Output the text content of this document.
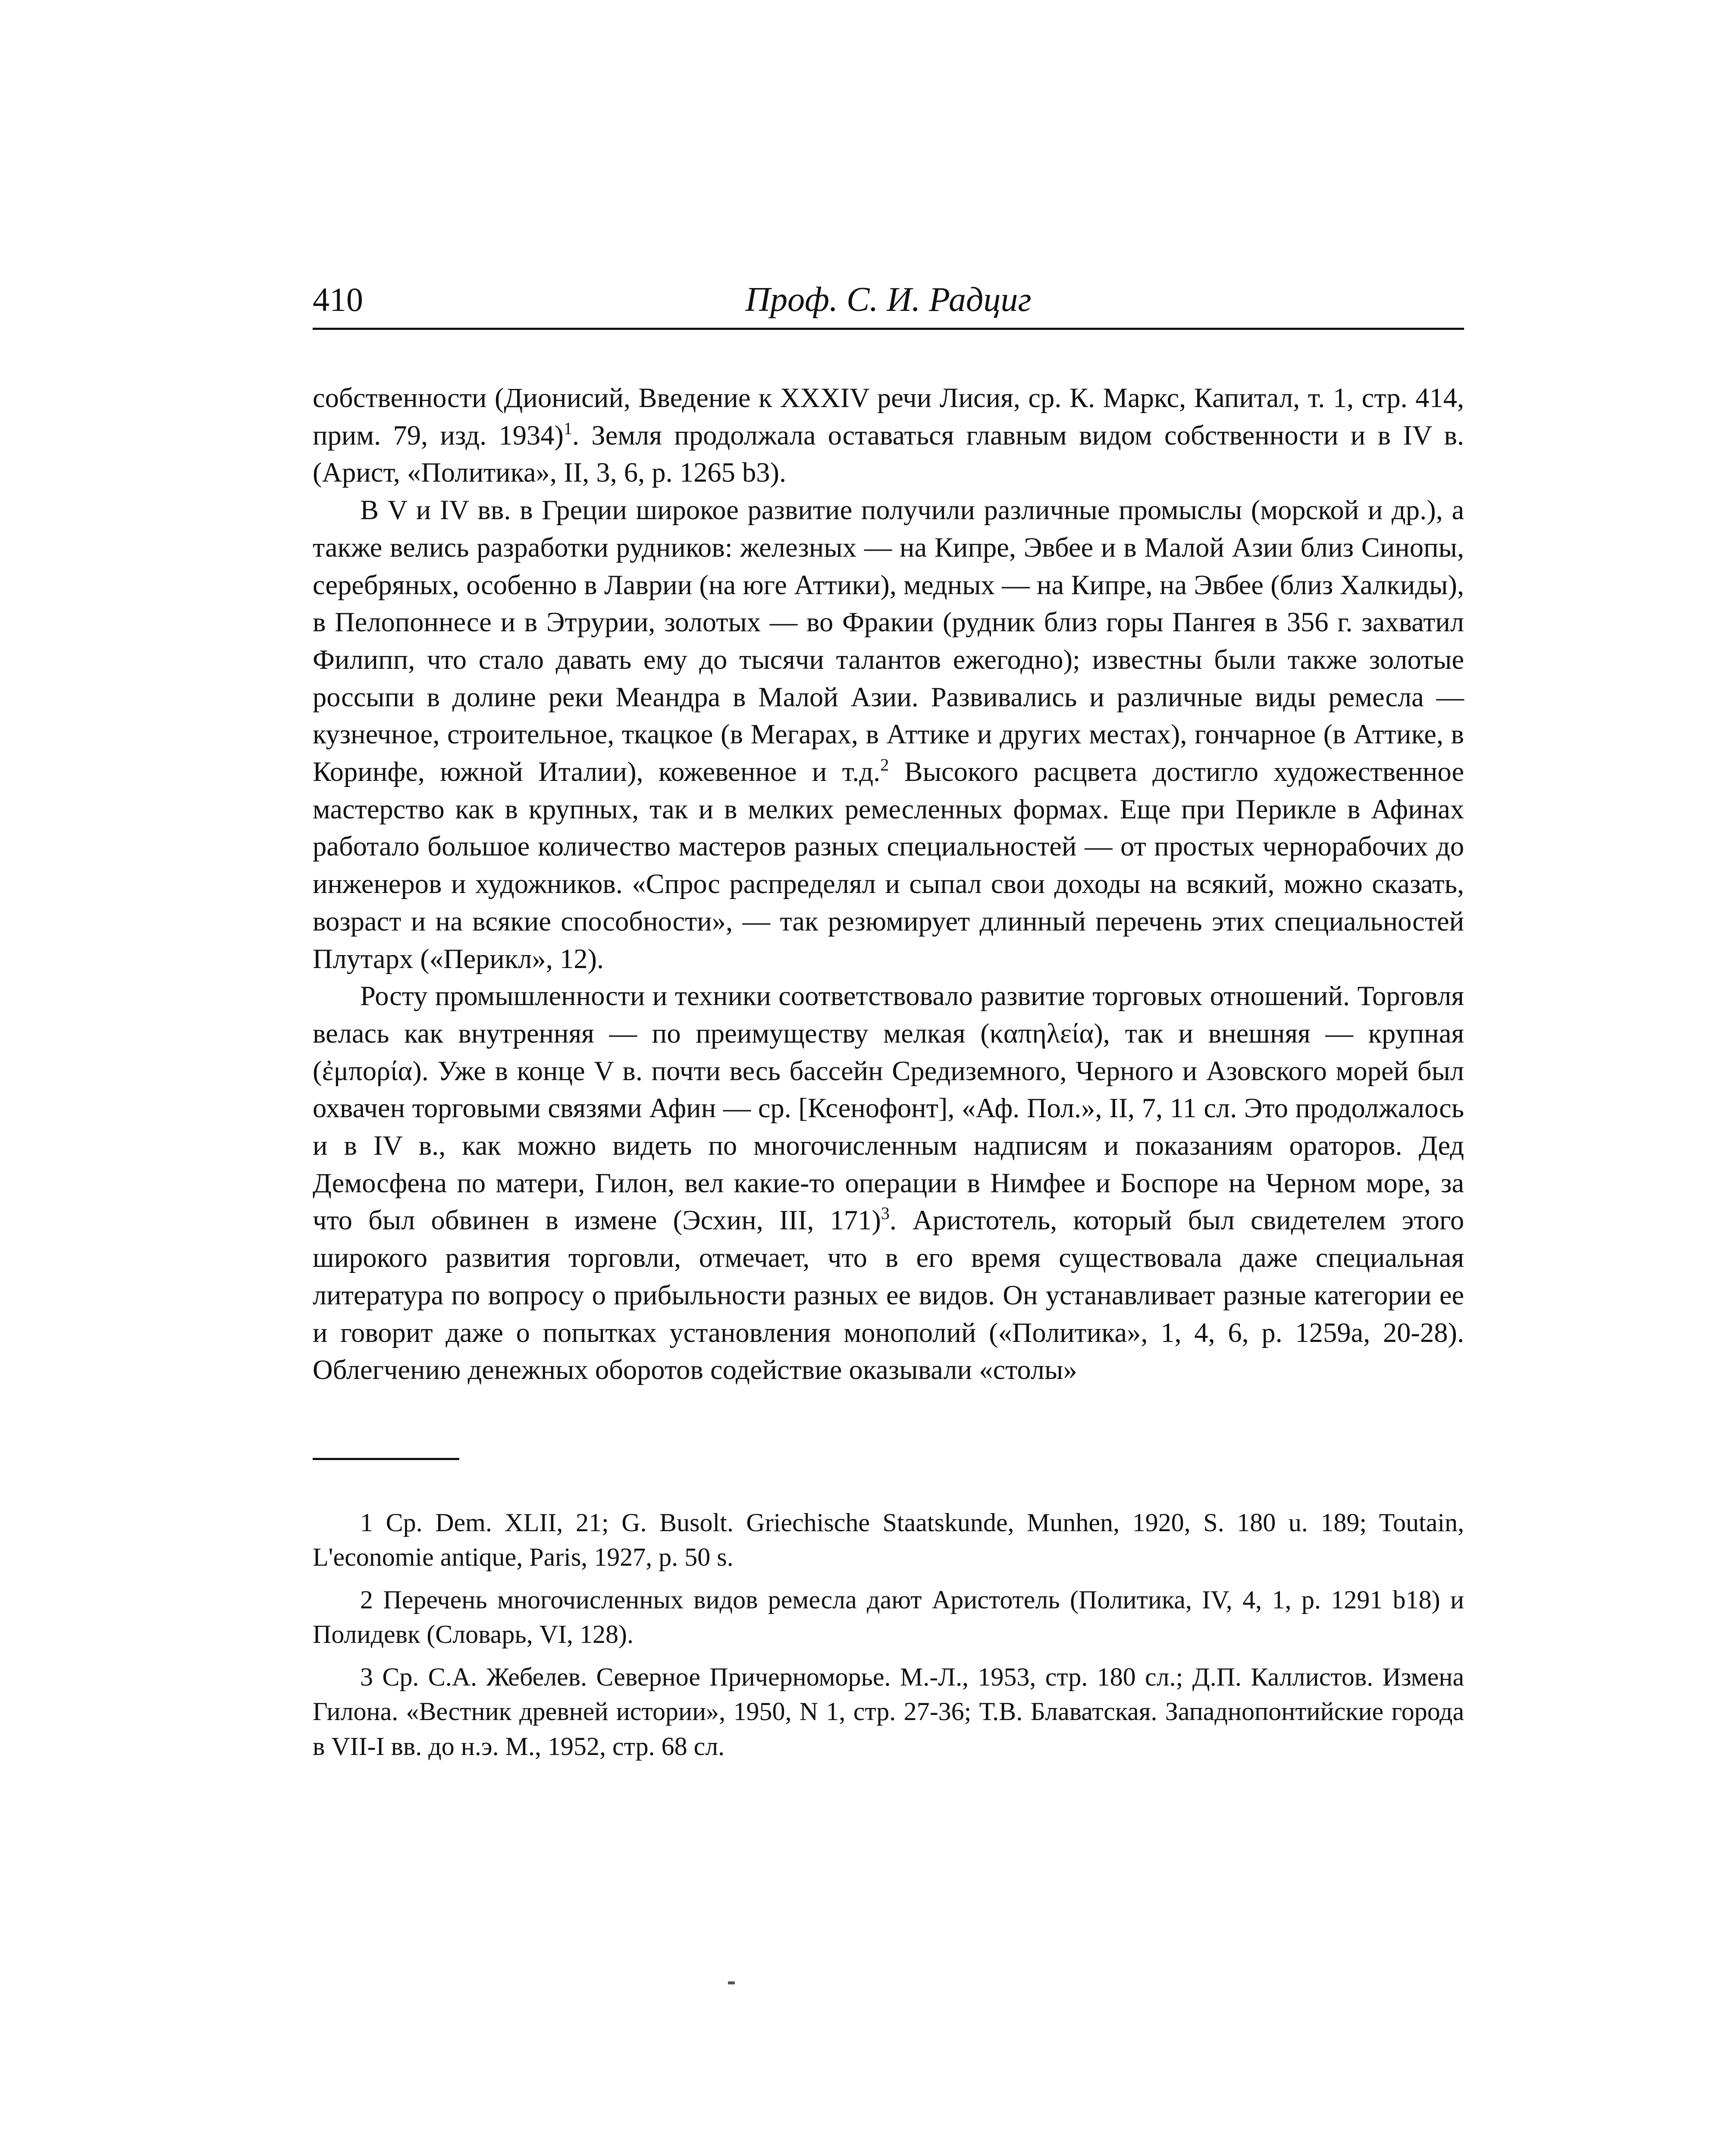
410	Проф. С. И. Радциг

собственности (Дионисий, Введение к XXXIV речи Лисия, ср. К. Маркс, Капитал, т. 1, стр. 414, прим. 79, изд. 1934)$^1$. Земля продолжала оставаться главным видом собственности и в IV в. (Арист, «Политика», II, 3, 6, р. 1265 b3).

В V и IV вв. в Греции широкое развитие получили различные промыслы (морской и др.), а также велись разработки рудников: железных — на Кипре, Эвбее и в Малой Азии близ Синопы, серебряных, особенно в Лаврии (на юге Аттики), медных — на Кипре, на Эвбее (близ Халкиды), в Пелопоннесе и в Этрурии, золотых — во Фракии (рудник близ горы Пангея в 356 г. захватил Филипп, что стало давать ему до тысячи талантов ежегодно); известны были также золотые россыпи в долине реки Меандра в Малой Азии. Развивались и различные виды ремесла — кузнечное, строительное, ткацкое (в Мегарах, в Аттике и других местах), гончарное (в Аттике, в Коринфе, южной Италии), кожевенное и т.д.$^2$ Высокого расцвета достигло художественное мастерство как в крупных, так и в мелких ремесленных формах. Еще при Перикле в Афинах работало большое количество мастеров разных специальностей — от простых чернорабочих до инженеров и художников. «Спрос распределял и сыпал свои доходы на всякий, можно сказать, возраст и на всякие способности», — так резюмирует длинный перечень этих специальностей Плутарх («Перикл», 12).

Росту промышленности и техники соответствовало развитие торговых отношений. Торговля велась как внутренняя — по преимуществу мелкая (καπηλεία), так и внешняя — крупная (ἐμπορία). Уже в конце V в. почти весь бассейн Средиземного, Черного и Азовского морей был охвачен торговыми связями Афин — ср. [Ксенофонт], «Аф. Пол.», II, 7, 11 сл. Это продолжалось и в IV в., как можно видеть по многочисленным надписям и показаниям ораторов. Дед Демосфена по матери, Гилон, вел какие-то операции в Нимфее и Боспоре на Черном море, за что был обвинен в измене (Эсхин, III, 171)$^3$. Аристотель, который был свидетелем этого широкого развития торговли, отмечает, что в его время существовала даже специальная литература по вопросу о прибыльности разных ее видов. Он устанавливает разные категории ее и говорит даже о попытках установления монополий («Политика», 1, 4, 6, р. 1259a, 20-28). Облегчению денежных оборотов содействие оказывали «столы»

1 Ср. Dem. XLII, 21; G. Busolt. Griechische Staatskunde, Munhen, 1920, S. 180 u. 189; Toutain, L'economie antique, Paris, 1927, p. 50 s.

2 Перечень многочисленных видов ремесла дают Аристотель (Политика, IV, 4, 1, р. 1291 b18) и Полидевк (Словарь, VI, 128).

3 Ср. С.А. Жебелев. Северное Причерноморье. М.-Л., 1953, стр. 180 сл.; Д.П. Каллистов. Измена Гилона. «Вестник древней истории», 1950, N 1, стр. 27-36; Т.В. Блаватская. Западнопонтийские города в VII-I вв. до н.э. М., 1952, стр. 68 сл.
